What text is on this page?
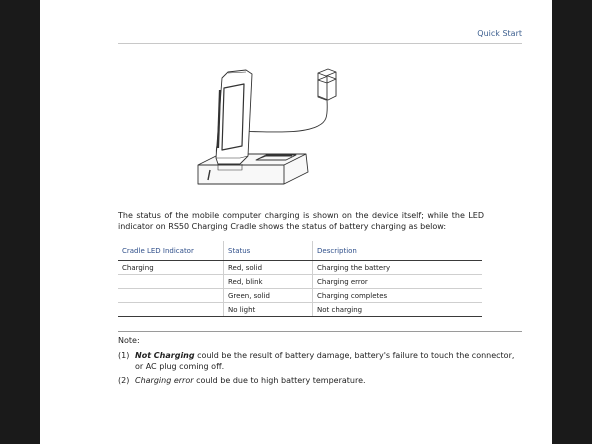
Quick Start
The status of the mobile computer charging is shown on the device itself; while the LED indicator on RS50 Charging Cradle shows the status of battery charging as below:
Cradle LED Indicator	Status	Description
Charging	Red, solid	Charging the battery
	Red, blink	Charging error
	Green, solid	Charging completes
	No light	Not charging
Note:
(1) Not Charging could be the result of battery damage, battery's failure to touch the connector, or AC plug coming off.
(2) Charging error could be due to high battery temperature.
